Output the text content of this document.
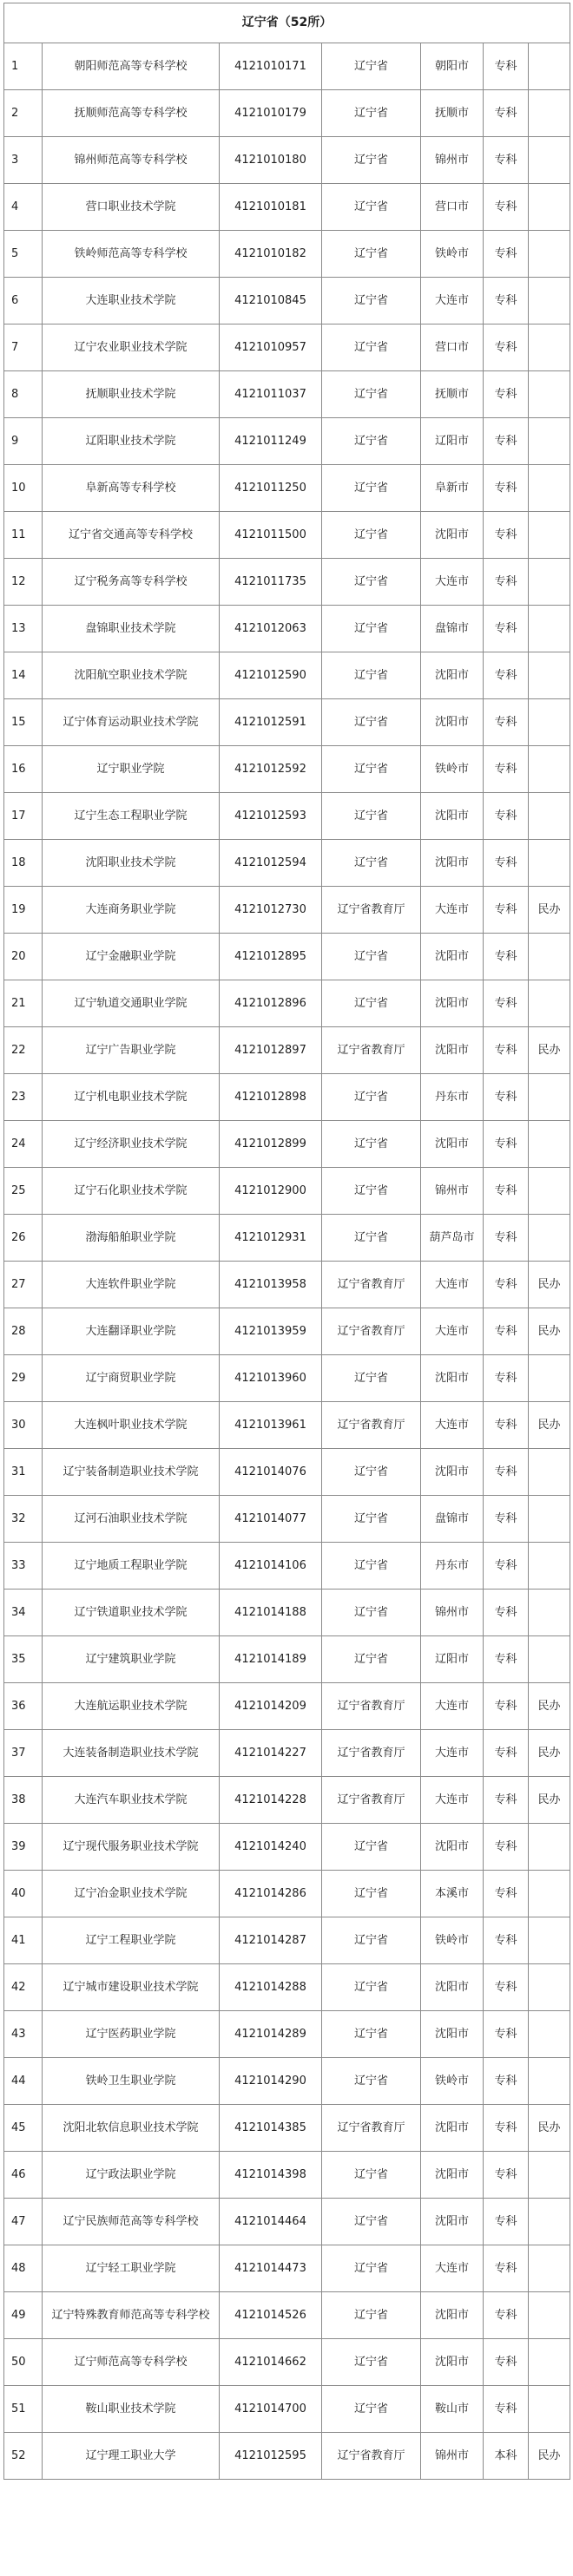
辽宁省（52所）						
1	朝阳师范高等专科学校	4121010171	辽宁省	朝阳市	专科	
2	抚顺师范高等专科学校	4121010179	辽宁省	抚顺市	专科	
3	锦州师范高等专科学校	4121010180	辽宁省	锦州市	专科	
4	营口职业技术学院	4121010181	辽宁省	营口市	专科	
5	铁岭师范高等专科学校	4121010182	辽宁省	铁岭市	专科	
6	大连职业技术学院	4121010845	辽宁省	大连市	专科	
7	辽宁农业职业技术学院	4121010957	辽宁省	营口市	专科	
8	抚顺职业技术学院	4121011037	辽宁省	抚顺市	专科	
9	辽阳职业技术学院	4121011249	辽宁省	辽阳市	专科	
10	阜新高等专科学校	4121011250	辽宁省	阜新市	专科	
11	辽宁省交通高等专科学校	4121011500	辽宁省	沈阳市	专科	
12	辽宁税务高等专科学校	4121011735	辽宁省	大连市	专科	
13	盘锦职业技术学院	4121012063	辽宁省	盘锦市	专科	
14	沈阳航空职业技术学院	4121012590	辽宁省	沈阳市	专科	
15	辽宁体育运动职业技术学院	4121012591	辽宁省	沈阳市	专科	
16	辽宁职业学院	4121012592	辽宁省	铁岭市	专科	
17	辽宁生态工程职业学院	4121012593	辽宁省	沈阳市	专科	
18	沈阳职业技术学院	4121012594	辽宁省	沈阳市	专科	
19	大连商务职业学院	4121012730	辽宁省教育厅	大连市	专科	民办
20	辽宁金融职业学院	4121012895	辽宁省	沈阳市	专科	
21	辽宁轨道交通职业学院	4121012896	辽宁省	沈阳市	专科	
22	辽宁广告职业学院	4121012897	辽宁省教育厅	沈阳市	专科	民办
23	辽宁机电职业技术学院	4121012898	辽宁省	丹东市	专科	
24	辽宁经济职业技术学院	4121012899	辽宁省	沈阳市	专科	
25	辽宁石化职业技术学院	4121012900	辽宁省	锦州市	专科	
26	渤海船舶职业学院	4121012931	辽宁省	葫芦岛市	专科	
27	大连软件职业学院	4121013958	辽宁省教育厅	大连市	专科	民办
28	大连翻译职业学院	4121013959	辽宁省教育厅	大连市	专科	民办
29	辽宁商贸职业学院	4121013960	辽宁省	沈阳市	专科	
30	大连枫叶职业技术学院	4121013961	辽宁省教育厅	大连市	专科	民办
31	辽宁装备制造职业技术学院	4121014076	辽宁省	沈阳市	专科	
32	辽河石油职业技术学院	4121014077	辽宁省	盘锦市	专科	
33	辽宁地质工程职业学院	4121014106	辽宁省	丹东市	专科	
34	辽宁铁道职业技术学院	4121014188	辽宁省	锦州市	专科	
35	辽宁建筑职业学院	4121014189	辽宁省	辽阳市	专科	
36	大连航运职业技术学院	4121014209	辽宁省教育厅	大连市	专科	民办
37	大连装备制造职业技术学院	4121014227	辽宁省教育厅	大连市	专科	民办
38	大连汽车职业技术学院	4121014228	辽宁省教育厅	大连市	专科	民办
39	辽宁现代服务职业技术学院	4121014240	辽宁省	沈阳市	专科	
40	辽宁冶金职业技术学院	4121014286	辽宁省	本溪市	专科	
41	辽宁工程职业学院	4121014287	辽宁省	铁岭市	专科	
42	辽宁城市建设职业技术学院	4121014288	辽宁省	沈阳市	专科	
43	辽宁医药职业学院	4121014289	辽宁省	沈阳市	专科	
44	铁岭卫生职业学院	4121014290	辽宁省	铁岭市	专科	
45	沈阳北软信息职业技术学院	4121014385	辽宁省教育厅	沈阳市	专科	民办
46	辽宁政法职业学院	4121014398	辽宁省	沈阳市	专科	
47	辽宁民族师范高等专科学校	4121014464	辽宁省	沈阳市	专科	
48	辽宁轻工职业学院	4121014473	辽宁省	大连市	专科	
49	辽宁特殊教育师范高等专科学校	4121014526	辽宁省	沈阳市	专科	
50	辽宁师范高等专科学校	4121014662	辽宁省	沈阳市	专科	
51	鞍山职业技术学院	4121014700	辽宁省	鞍山市	专科	
52	辽宁理工职业大学	4121012595	辽宁省教育厅	锦州市	本科	民办
